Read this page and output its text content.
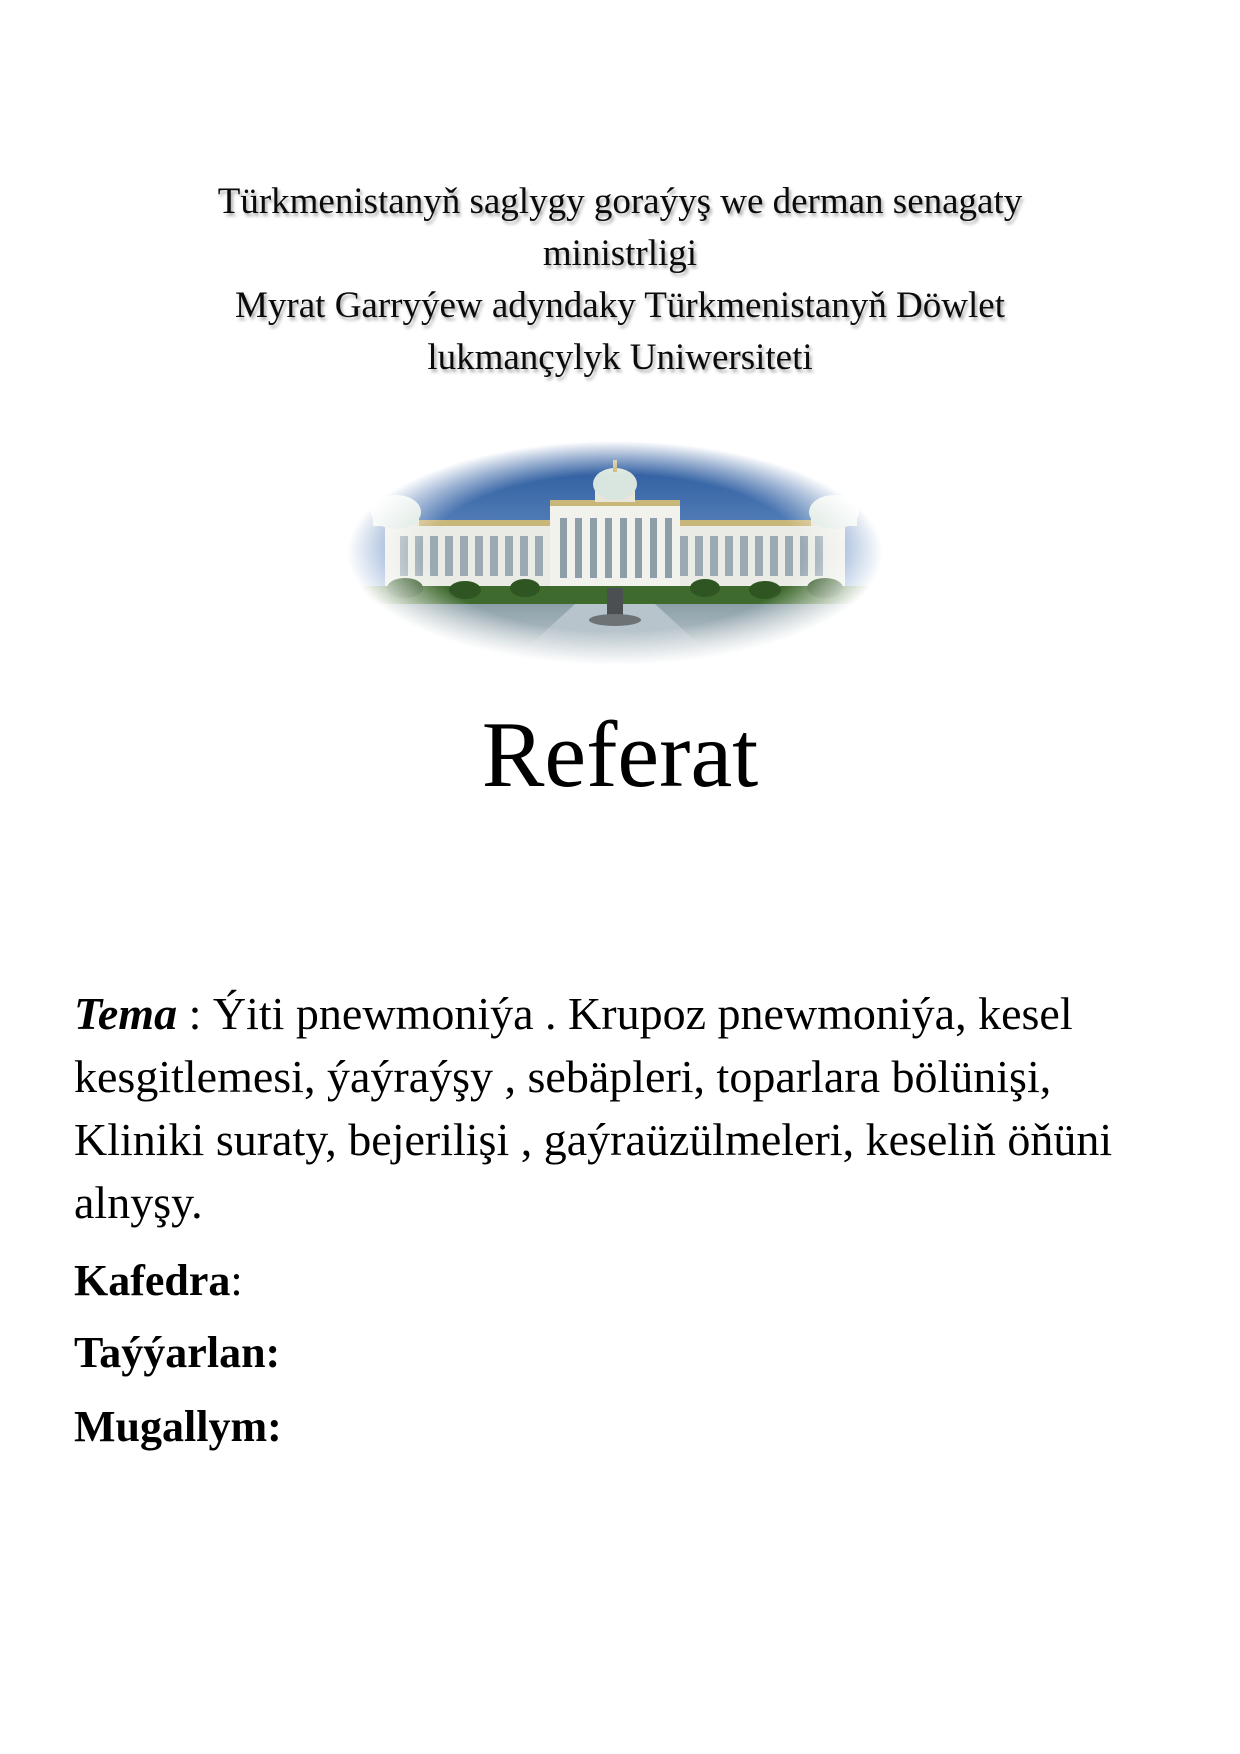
Türkmenistanyň saglygy goraýyş we derman senagaty
ministrligi
Myrat Garryýew adyndaky Türkmenistanyň Döwlet
lukmançylyk Uniwersiteti
Referat
Tema : Ýiti pnewmoniýa . Krupoz pnewmoniýa, kesel kesgitlemesi, ýaýraýşy , sebäpleri, toparlara bölünişi, Kliniki suraty, bejerilişi , gaýraüzülmeleri, keseliň öňüni alnyşy.
Kafedra:
Taýýarlan:
Mugallym:
